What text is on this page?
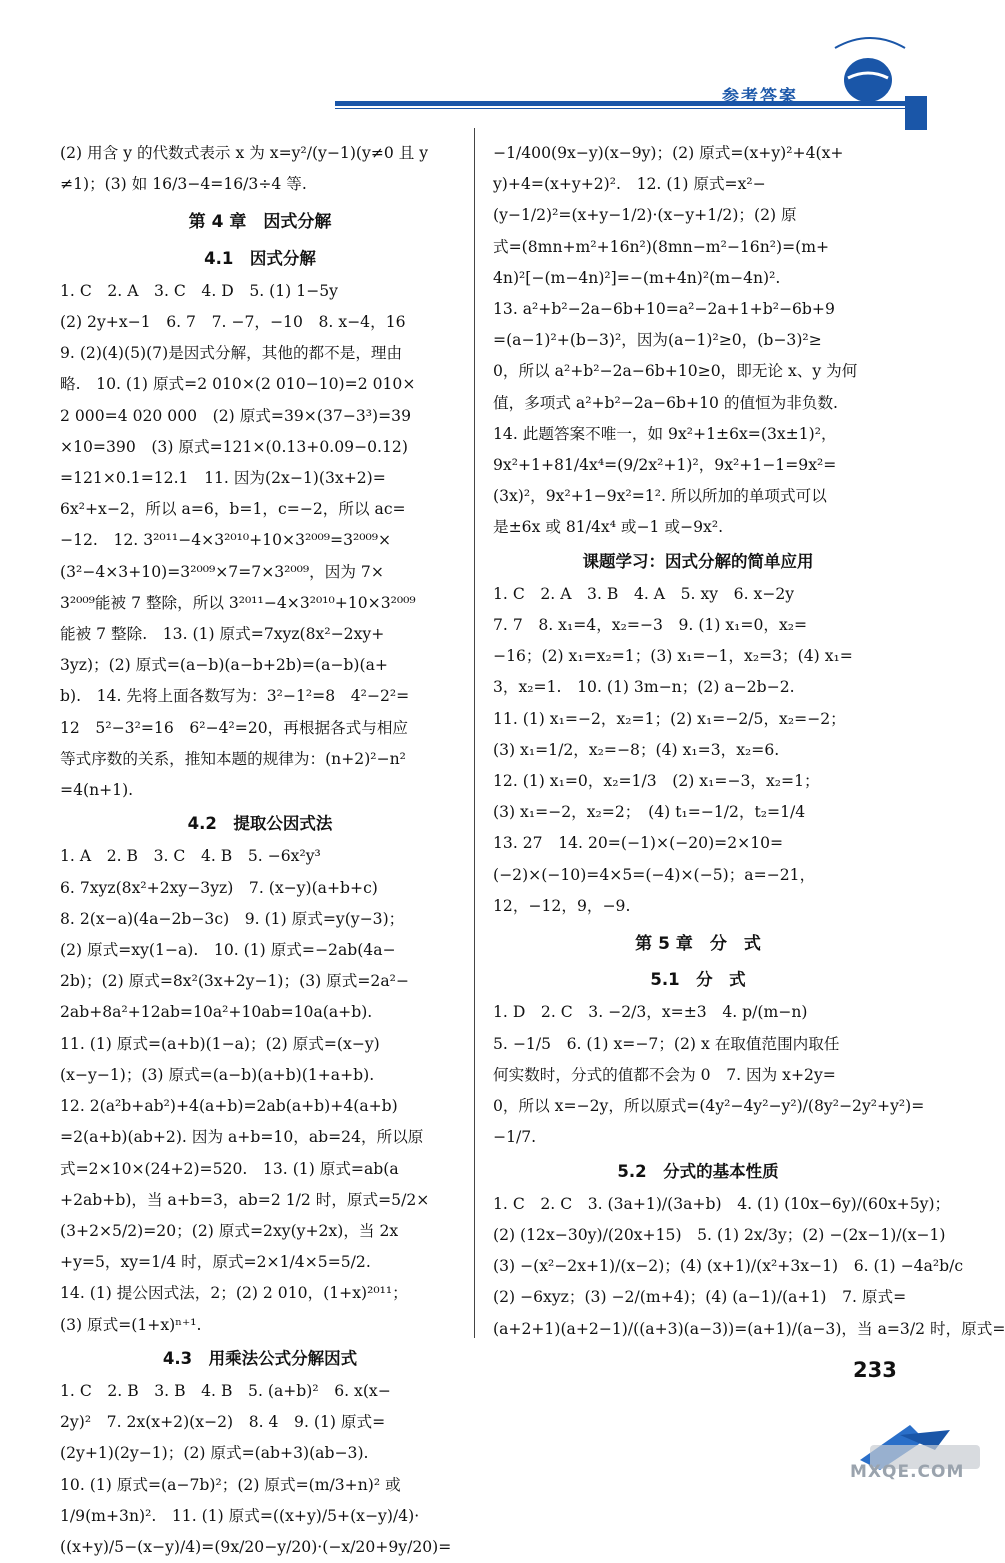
参考答案
(2) 用含 y 的代数式表示 x 为 x=y²/(y−1)(y≠0 且 y
≠1)；(3) 如 16/3−4=16/3÷4 等.
第 4 章　因式分解
4.1　因式分解
1. C　2. A　3. C　4. D　5. (1) 1−5y
(2) 2y+x−1　6. 7　7. −7，−10　8. x−4，16
9. (2)(4)(5)(7)是因式分解，其他的都不是，理由
略.　10. (1) 原式=2 010×(2 010−10)=2 010×
2 000=4 020 000　(2) 原式=39×(37−3³)=39
×10=390　(3) 原式=121×(0.13+0.09−0.12)
=121×0.1=12.1　11. 因为(2x−1)(3x+2)=
6x²+x−2，所以 a=6，b=1，c=−2，所以 ac=
−12.　12. 3²⁰¹¹−4×3²⁰¹⁰+10×3²⁰⁰⁹=3²⁰⁰⁹×
(3²−4×3+10)=3²⁰⁰⁹×7=7×3²⁰⁰⁹，因为 7×
3²⁰⁰⁹能被 7 整除，所以 3²⁰¹¹−4×3²⁰¹⁰+10×3²⁰⁰⁹
能被 7 整除.　13. (1) 原式=7xyz(8x²−2xy+
3yz)；(2) 原式=(a−b)(a−b+2b)=(a−b)(a+
b).　14. 先将上面各数写为：3²−1²=8　4²−2²=
12　5²−3²=16　6²−4²=20，再根据各式与相应
等式序数的关系，推知本题的规律为：(n+2)²−n²
=4(n+1).
4.2　提取公因式法
1. A　2. B　3. C　4. B　5. −6x²y³
6. 7xyz(8x²+2xy−3yz)　7. (x−y)(a+b+c)
8. 2(x−a)(4a−2b−3c)　9. (1) 原式=y(y−3)；
(2) 原式=xy(1−a).　10. (1) 原式=−2ab(4a−
2b)；(2) 原式=8x²(3x+2y−1)；(3) 原式=2a²−
2ab+8a²+12ab=10a²+10ab=10a(a+b).
11. (1) 原式=(a+b)(1−a)；(2) 原式=(x−y)
(x−y−1)；(3) 原式=(a−b)(a+b)(1+a+b).
12. 2(a²b+ab²)+4(a+b)=2ab(a+b)+4(a+b)
=2(a+b)(ab+2). 因为 a+b=10，ab=24，所以原
式=2×10×(24+2)=520.　13. (1) 原式=ab(a
+2ab+b)，当 a+b=3，ab=2 1/2 时，原式=5/2×
(3+2×5/2)=20；(2) 原式=2xy(y+2x)，当 2x
+y=5，xy=1/4 时，原式=2×1/4×5=5/2.
14. (1) 提公因式法，2；(2) 2 010，(1+x)²⁰¹¹；
(3) 原式=(1+x)ⁿ⁺¹.
4.3　用乘法公式分解因式
1. C　2. B　3. B　4. B　5. (a+b)²　6. x(x−
2y)²　7. 2x(x+2)(x−2)　8. 4　9. (1) 原式=
(2y+1)(2y−1)；(2) 原式=(ab+3)(ab−3).
10. (1) 原式=(a−7b)²；(2) 原式=(m/3+n)² 或
1/9(m+3n)².　11. (1) 原式=((x+y)/5+(x−y)/4)·
((x+y)/5−(x−y)/4)=(9x/20−y/20)·(−x/20+9y/20)=
−1/400(9x−y)(x−9y)；(2) 原式=(x+y)²+4(x+
y)+4=(x+y+2)².　12. (1) 原式=x²−
(y−1/2)²=(x+y−1/2)·(x−y+1/2)；(2) 原
式=(8mn+m²+16n²)(8mn−m²−16n²)=(m+
4n)²[−(m−4n)²]=−(m+4n)²(m−4n)².
13. a²+b²−2a−6b+10=a²−2a+1+b²−6b+9
=(a−1)²+(b−3)²，因为(a−1)²≥0，(b−3)²≥
0，所以 a²+b²−2a−6b+10≥0，即无论 x、y 为何
值，多项式 a²+b²−2a−6b+10 的值恒为非负数.
14. 此题答案不唯一，如 9x²+1±6x=(3x±1)²，
9x²+1+81/4x⁴=(9/2x²+1)²，9x²+1−1=9x²=
(3x)²，9x²+1−9x²=1². 所以所加的单项式可以
是±6x 或 81/4x⁴ 或−1 或−9x².
课题学习：因式分解的简单应用
1. C　2. A　3. B　4. A　5. xy　6. x−2y
7. 7　8. x₁=4，x₂=−3　9. (1) x₁=0，x₂=
−16；(2) x₁=x₂=1；(3) x₁=−1，x₂=3；(4) x₁=
3，x₂=1.　10. (1) 3m−n；(2) a−2b−2.
11. (1) x₁=−2，x₂=1；(2) x₁=−2/5，x₂=−2；
(3) x₁=1/2，x₂=−8；(4) x₁=3，x₂=6.
12. (1) x₁=0，x₂=1/3　(2) x₁=−3，x₂=1；
(3) x₁=−2，x₂=2；　(4) t₁=−1/2，t₂=1/4
13. 27　14. 20=(−1)×(−20)=2×10=
(−2)×(−10)=4×5=(−4)×(−5)；a=−21，
12，−12，9，−9.
第 5 章　分　式
5.1　分　式
1. D　2. C　3. −2/3，x=±3　4. p/(m−n)
5. −1/5　6. (1) x=−7；(2) x 在取值范围内取任
何实数时，分式的值都不会为 0　7. 因为 x+2y=
0，所以 x=−2y，所以原式=(4y²−4y²−y²)/(8y²−2y²+y²)=
−1/7.
5.2　分式的基本性质
1. C　2. C　3. (3a+1)/(3a+b)　4. (1) (10x−6y)/(60x+5y)；
(2) (12x−30y)/(20x+15)　5. (1) 2x/3y；(2) −(2x−1)/(x−1)
(3) −(x²−2x+1)/(x−2)；(4) (x+1)/(x²+3x−1)　6. (1) −4a²b/c
(2) −6xyz；(3) −2/(m+4)；(4) (a−1)/(a+1)　7. 原式=
(a+2+1)(a+2−1)/((a+3)(a−3))=(a+1)/(a−3)，当 a=3/2 时，原式=
233
MXQE.COM
